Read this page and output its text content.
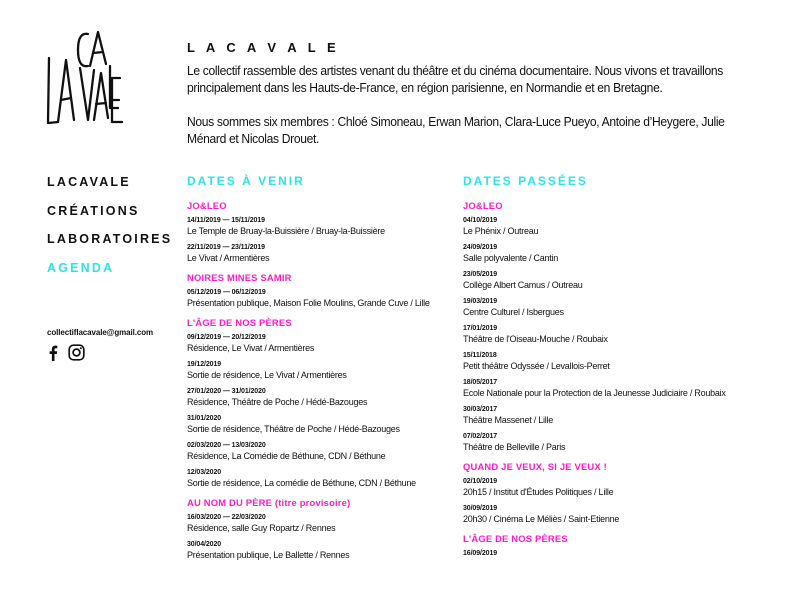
LACAVALE
CRÉATIONS
LABORATOIRES
AGENDA
collectiflacavale@gmail.com
L A C A V A L E

Le collectif rassemble des artistes venant du théâtre et du cinéma documentaire. Nous vivons et travaillons principalement dans les Hauts-de-France, en région parisienne, en Normandie et en Bretagne.

Nous sommes six membres : Chloé Simoneau, Erwan Marion, Clara-Luce Pueyo, Antoine d’Heygere, Julie Ménard et Nicolas Drouet.

DATES À VENIR
JO&LEO
14/11/2019 — 15/11/2019
Le Temple de Bruay-la-Buissière / Bruay-la-Buissière
22/11/2019 — 23/11/2019
Le Vivat / Armentières
NOIRES MINES SAMIR
05/12/2019 — 06/12/2019
Présentation publique, Maison Folie Moulins, Grande Cuve / Lille
L'ÂGE DE NOS PÈRES
09/12/2019 — 20/12/2019
Résidence, Le Vivat / Armentières
19/12/2019
Sortie de résidence, Le Vivat / Armentières
27/01/2020 — 31/01/2020
Résidence, Théâtre de Poche / Hédé-Bazouges
31/01/2020
Sortie de résidence, Théâtre de Poche / Hédé-Bazouges
02/03/2020 — 13/03/2020
Résidence, La Comédie de Béthune, CDN / Béthune
12/03/2020
Sortie de résidence, La comédie de Béthune, CDN / Béthune
AU NOM DU PÈRE (titre provisoire)
16/03/2020 — 22/03/2020
Résidence, salle Guy Ropartz / Rennes
30/04/2020
Présentation publique, Le Ballette / Rennes
DATES PASSÉES
JO&LEO
04/10/2019
Le Phénix / Outreau
24/09/2019
Salle polyvalente / Cantin
23/05/2019
Collège Albert Camus / Outreau
19/03/2019
Centre Culturel / Isbergues
17/01/2019
Théâtre de l'Oiseau-Mouche / Roubaix
15/11/2018
Petit théâtre Odyssée / Levallois-Perret
18/05/2017
Ecole Nationale pour la Protection de la Jeunesse Judiciaire / Roubaix
30/03/2017
Théâtre Massenet / Lille
07/02/2017
Théâtre de Belleville / Paris
QUAND JE VEUX, SI JE VEUX !
02/10/2019
20h15 / Institut d'Études Politiques / Lille
30/09/2019
20h30 / Cinéma Le Méliès / Saint-Etienne
L'ÂGE DE NOS PÈRES
16/09/2019
